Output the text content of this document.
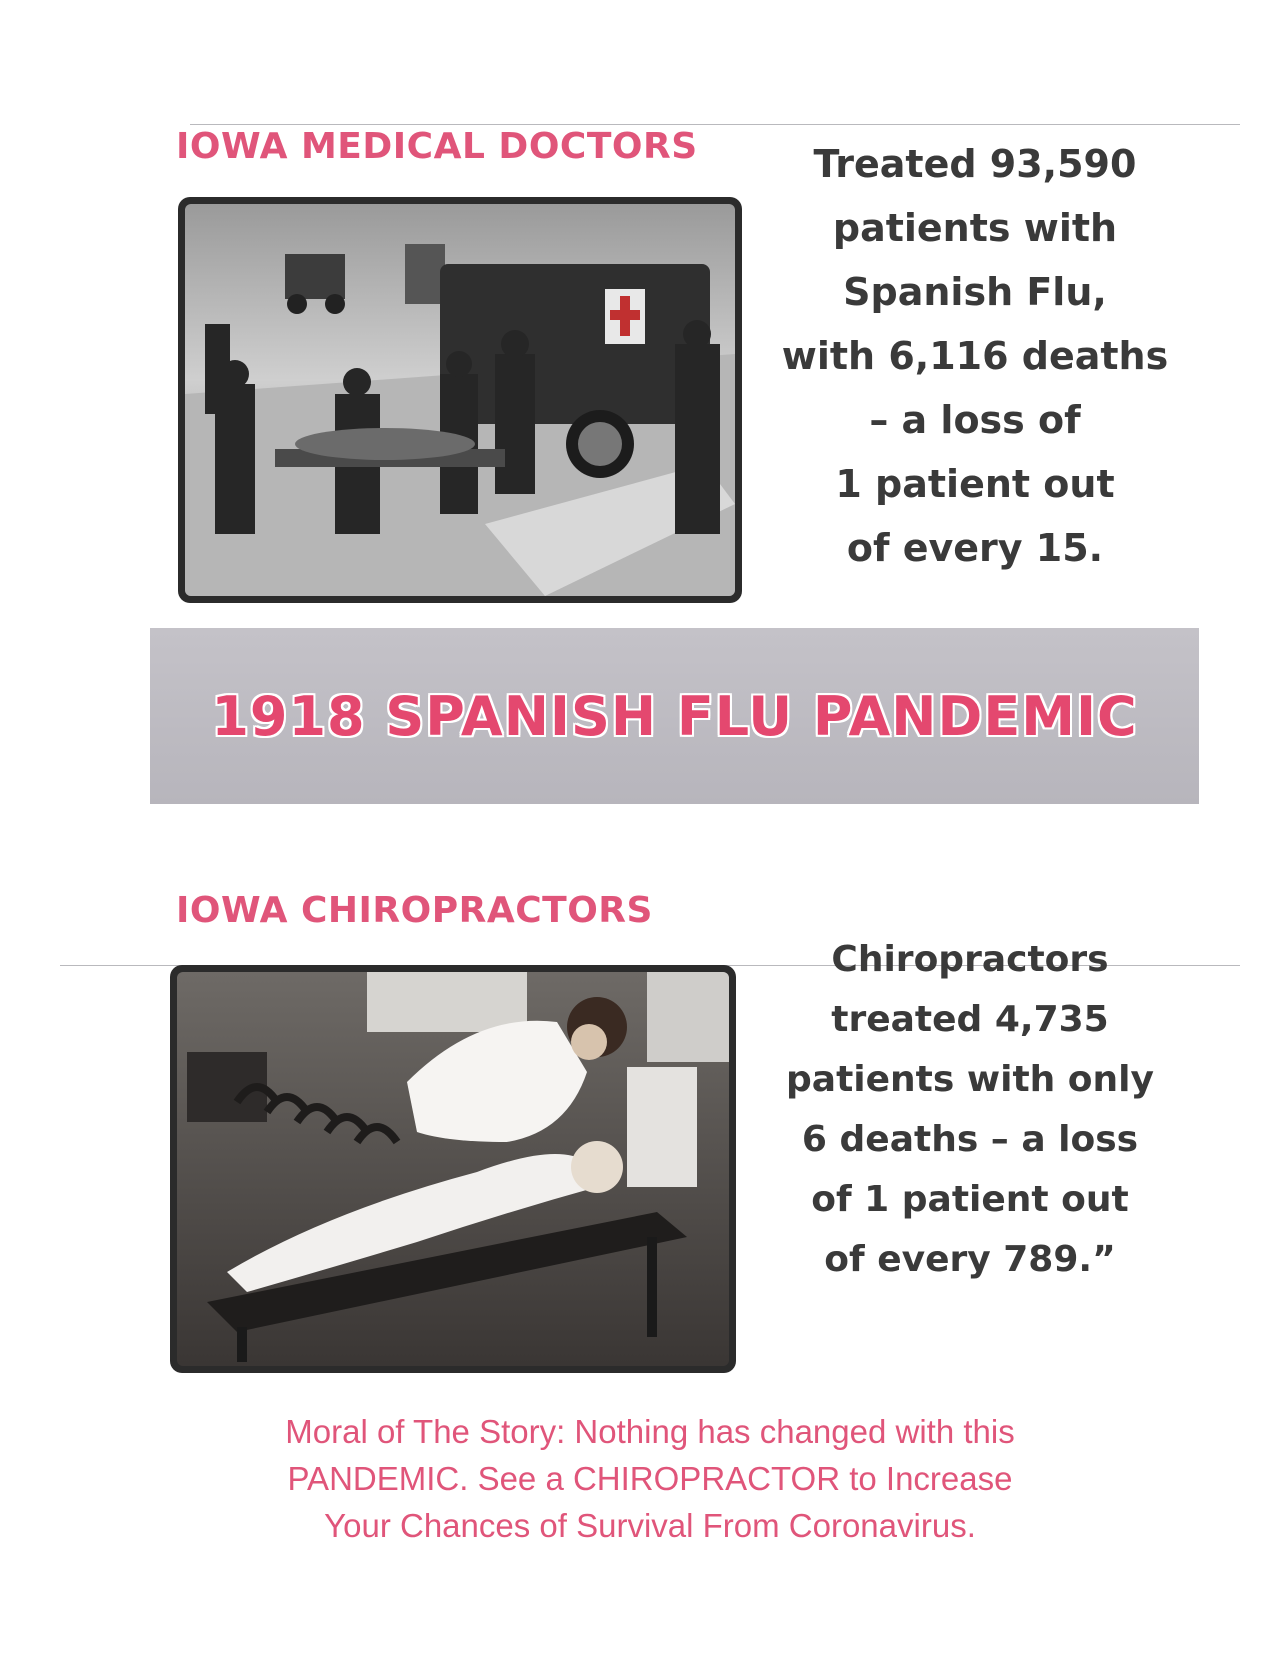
IOWA MEDICAL DOCTORS	Treated 93,590
patients with
Spanish Flu,
with 6,116 deaths
– a loss of
1 patient out
of every 15.

1918 SPANISH FLU PANDEMIC
IOWA CHIROPRACTORS

Chiropractors
treated 4,735
patients with only
6 deaths – a loss
of 1 patient out
of every 789.”

Moral of The Story: Nothing has changed with this
PANDEMIC. See a CHIROPRACTOR to Increase
Your Chances of Survival From Coronavirus.
